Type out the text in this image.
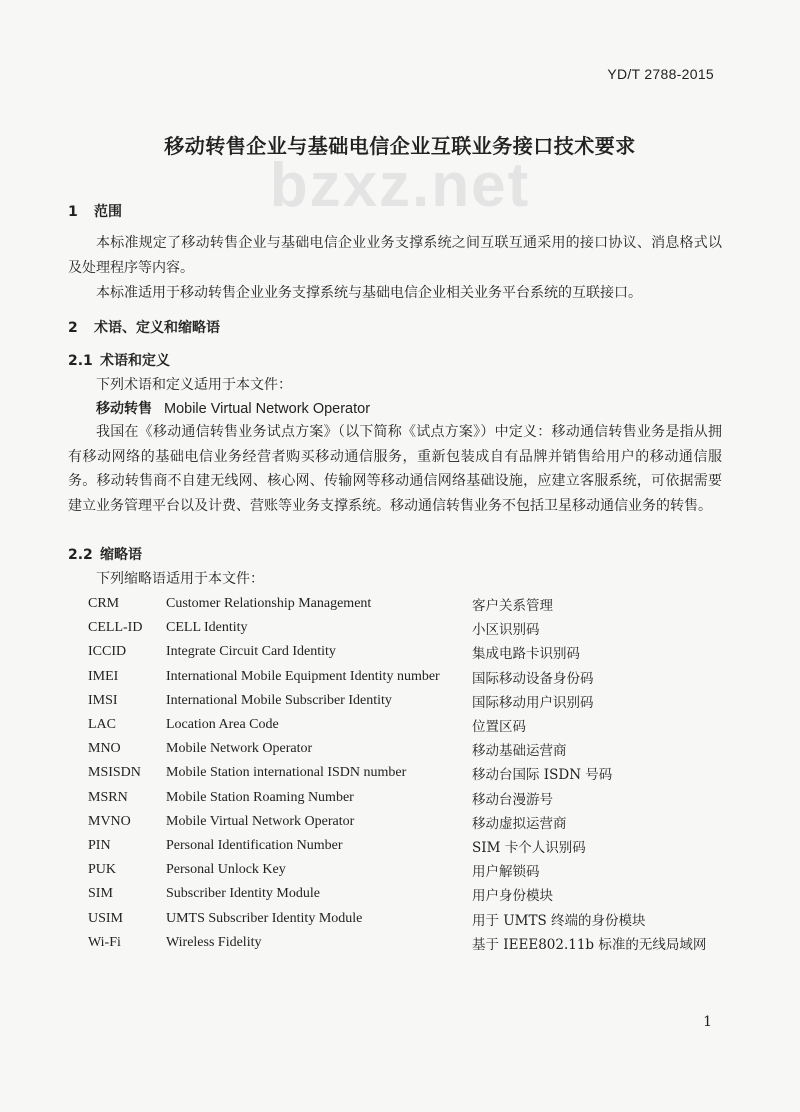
YD/T 2788-2015
bzxz.net
移动转售企业与基础电信企业互联业务接口技术要求
1 范围
本标准规定了移动转售企业与基础电信企业业务支撑系统之间互联互通采用的接口协议、消息格式以及处理程序等内容。
本标准适用于移动转售企业业务支撑系统与基础电信企业相关业务平台系统的互联接口。
2 术语、定义和缩略语
2.1 术语和定义
下列术语和定义适用于本文件：
移动转售 Mobile Virtual Network Operator
我国在《移动通信转售业务试点方案》（以下简称《试点方案》）中定义：移动通信转售业务是指从拥有移动网络的基础电信业务经营者购买移动通信服务，重新包装成自有品牌并销售给用户的移动通信服务。移动转售商不自建无线网、核心网、传输网等移动通信网络基础设施，应建立客服系统，可依据需要建立业务管理平台以及计费、营账等业务支撑系统。移动通信转售业务不包括卫星移动通信业务的转售。
2.2 缩略语
下列缩略语适用于本文件：
CRM	Customer Relationship Management	客户关系管理
CELL-ID	CELL Identity	小区识别码
ICCID	Integrate Circuit Card Identity	集成电路卡识别码
IMEI	International Mobile Equipment Identity number	国际移动设备身份码
IMSI	International Mobile Subscriber Identity	国际移动用户识别码
LAC	Location Area Code	位置区码
MNO	Mobile Network Operator	移动基础运营商
MSISDN	Mobile Station international ISDN number	移动台国际 ISDN 号码
MSRN	Mobile Station Roaming Number	移动台漫游号
MVNO	Mobile Virtual Network Operator	移动虚拟运营商
PIN	Personal Identification Number	SIM 卡个人识别码
PUK	Personal Unlock Key	用户解锁码
SIM	Subscriber Identity Module	用户身份模块
USIM	UMTS Subscriber Identity Module	用于 UMTS 终端的身份模块
Wi-Fi	Wireless Fidelity	基于 IEEE802.11b 标准的无线局域网
1
